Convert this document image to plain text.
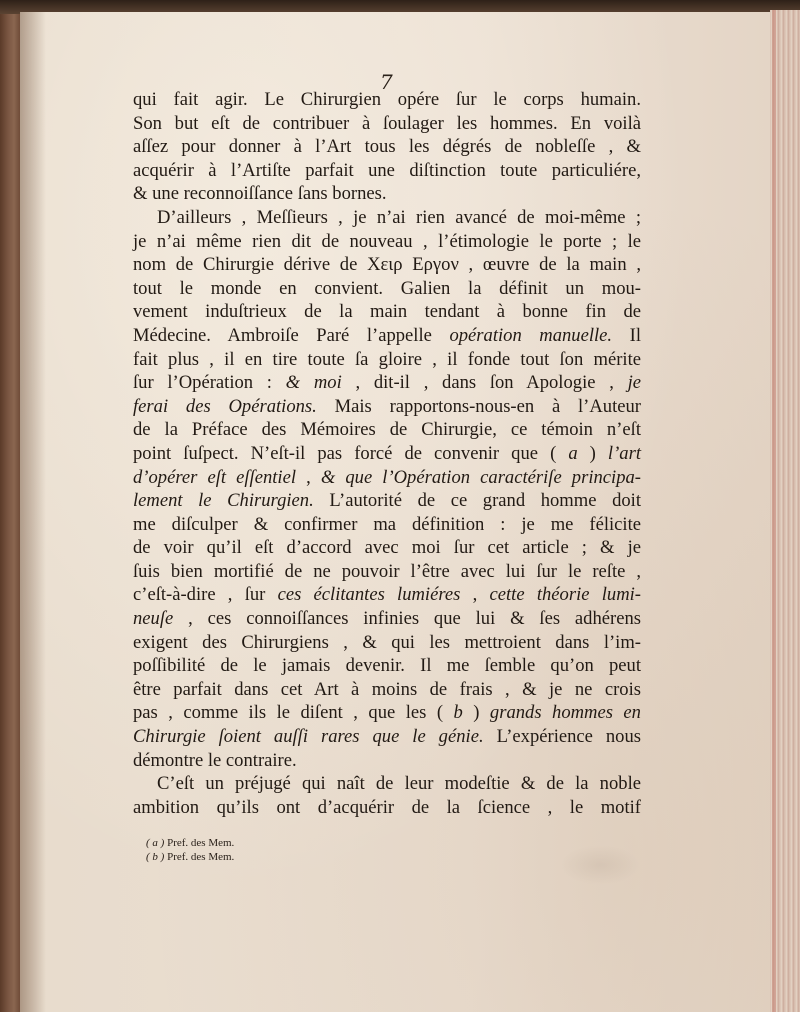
7
qui fait agir. Le Chirurgien opére ſur le corps humain.
Son but eſt de contribuer à ſoulager les hommes. En voilà
aſſez pour donner à l’Art tous les dégrés de nobleſſe , &
acquérir à l’Artiſte parfait une diſtinction toute particuliére,
& une reconnoiſſance ſans bornes.
D’ailleurs , Meſſieurs , je n’ai rien avancé de moi-même ;
je n’ai même rien dit de nouveau , l’étimologie le porte ; le
nom de Chirurgie dérive de Χειρ Εργον , œuvre de la main ,
tout le monde en convient. Galien la définit un mou-
vement induſtrieux de la main tendant à bonne fin de
Médecine. Ambroiſe Paré l’appelle opération manuelle. Il
fait plus , il en tire toute ſa gloire , il fonde tout ſon mérite
ſur l’Opération : & moi , dit-il , dans ſon Apologie , je
ferai des Opérations. Mais rapportons-nous-en à l’Auteur
de la Préface des Mémoires de Chirurgie, ce témoin n’eſt
point ſuſpect. N’eſt-il pas forcé de convenir que ( a ) l’art
d’opérer eſt eſſentiel , & que l’Opération caractériſe principa-
lement le Chirurgien. L’autorité de ce grand homme doit
me diſculper & confirmer ma définition : je me félicite
de voir qu’il eſt d’accord avec moi ſur cet article ; & je
ſuis bien mortifié de ne pouvoir l’être avec lui ſur le reſte ,
c’eſt-à-dire , ſur ces éclitantes lumiéres , cette théorie lumi-
neuſe , ces connoiſſances infinies que lui & ſes adhérens
exigent des Chirurgiens , & qui les mettroient dans l’im-
poſſibilité de le jamais devenir. Il me ſemble qu’on peut
être parfait dans cet Art à moins de frais , & je ne crois
pas , comme ils le diſent , que les ( b ) grands hommes en
Chirurgie ſoient auſſi rares que le génie. L’expérience nous
démontre le contraire.
C’eſt un préjugé qui naît de leur modeſtie & de la noble
ambition qu’ils ont d’acquérir de la ſcience , le motif
( a ) Pref. des Mem.
( b ) Pref. des Mem.
